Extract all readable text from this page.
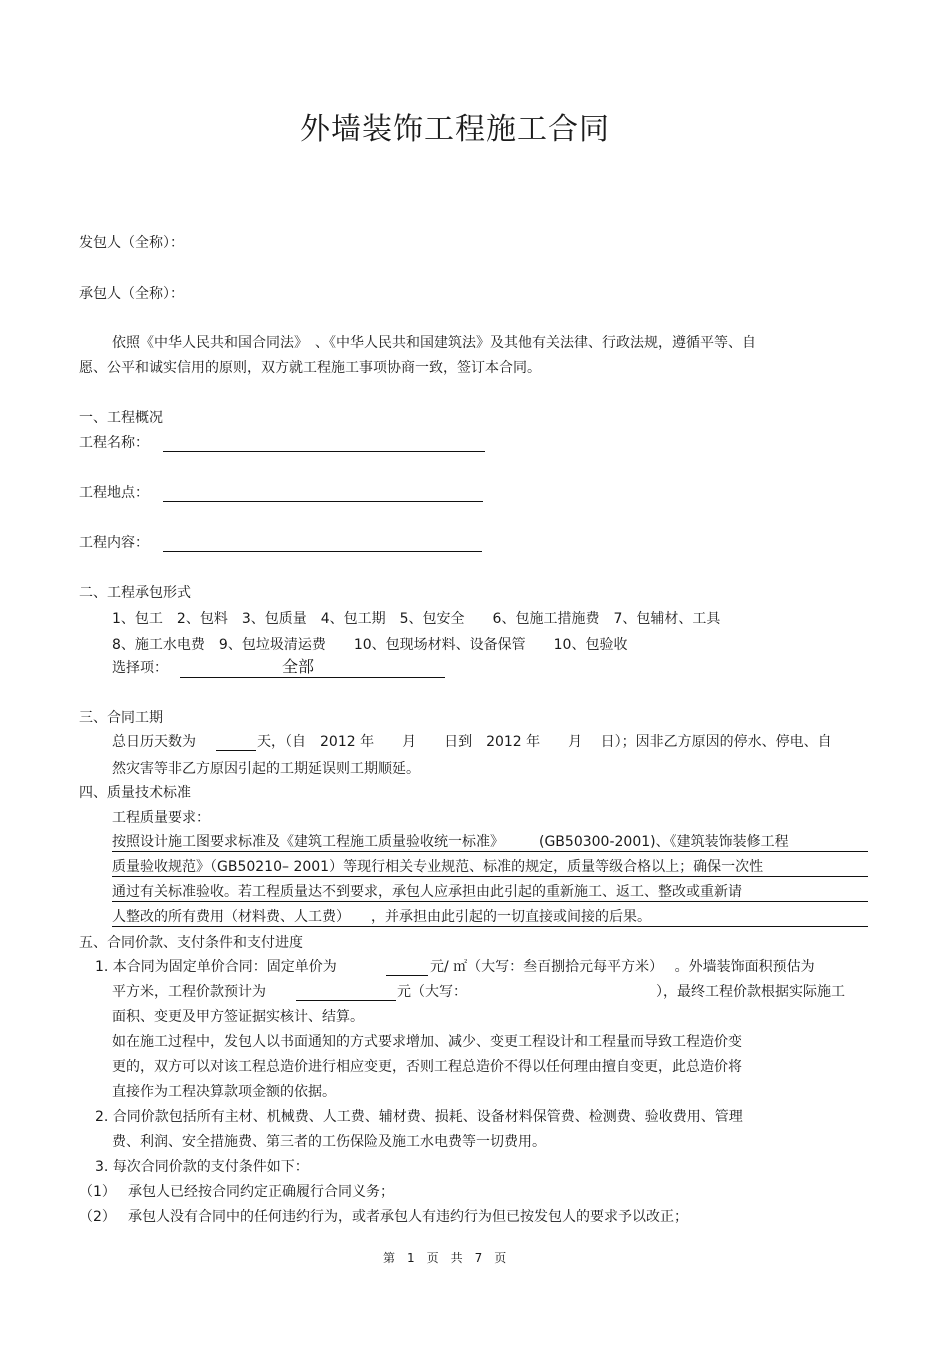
外墙装饰工程施工合同
发包人（全称）：
承包人（全称）：
依照《中华人民共和国合同法》　、《中华人民共和国建筑法》及其他有关法律、行政法规，遵循平等、自
愿、公平和诚实信用的原则，双方就工程施工事项协商一致，签订本合同。
一、工程概况
工程名称：
工程地点：
工程内容：
二、工程承包形式
1、包工　2、包料　3、包质量　4、包工期　5、包安全　　6、包施工措施费　7、包辅材、工具
8、施工水电费　9、包垃圾清运费　　10、包现场材料、设备保管　　10、包验收
选择项：	全部
三、合同工期
总日历天数为	天，（自　2012 年　　月　　日到　2012 年　　月　 日）；因非乙方原因的停水、停电、自
然灾害等非乙方原因引起的工期延误则工期顺延。
四、质量技术标准
工程质量要求：
按照设计施工图要求标准及《建筑工程施工质量验收统一标准》　　　(GB50300-2001)、《建筑装饰装修工程
质量验收规范》（GB50210– 2001）等现行相关专业规范、标准的规定，质量等级合格以上；确保一次性
通过有关标准验收。若工程质量达不到要求，承包人应承担由此引起的重新施工、返工、整改或重新请
人整改的所有费用（材料费、人工费）　　，并承担由此引起的一切直接或间接的后果。
五、合同价款、支付条件和支付进度
1. 本合同为固定单价合同：固定单价为	元/ ㎡（大写：叁百捌拾元每平方米）　 。外墙装饰面积预估为
平方米，工程价款预计为	元（大写：　　　　　　　　　　　　　　），最终工程价款根据实际施工
面积、变更及甲方签证据实核计、结算。
如在施工过程中，发包人以书面通知的方式要求增加、减少、变更工程设计和工程量而导致工程造价变
更的，双方可以对该工程总造价进行相应变更，否则工程总造价不得以任何理由擅自变更，此总造价将
直接作为工程决算款项金额的依据。
2. 合同价款包括所有主材、机械费、人工费、辅材费、损耗、设备材料保管费、检测费、验收费用、管理
费、利润、安全措施费、第三者的工伤保险及施工水电费等一切费用。
3. 每次合同价款的支付条件如下：
（1） 承包人已经按合同约定正确履行合同义务；
（2） 承包人没有合同中的任何违约行为，或者承包人有违约行为但已按发包人的要求予以改正；
第　1　页　共　7　页
